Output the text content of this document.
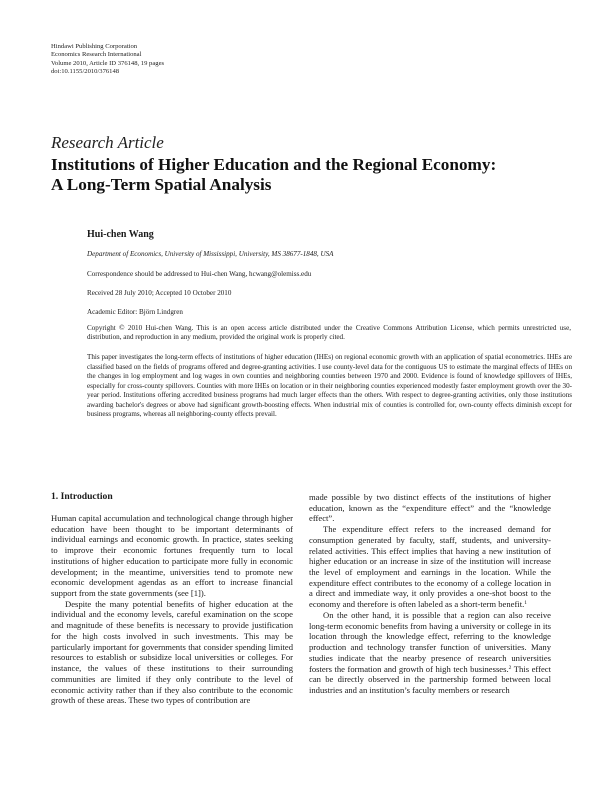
Hindawi Publishing Corporation
Economics Research International
Volume 2010, Article ID 376148, 19 pages
doi:10.1155/2010/376148
Research Article
Institutions of Higher Education and the Regional Economy:
A Long-Term Spatial Analysis
Hui-chen Wang
Department of Economics, University of Mississippi, University, MS 38677-1848, USA
Correspondence should be addressed to Hui-chen Wang, hcwang@olemiss.edu
Received 28 July 2010; Accepted 10 October 2010
Academic Editor: Björn Lindgren
Copyright © 2010 Hui-chen Wang. This is an open access article distributed under the Creative Commons Attribution License, which permits unrestricted use, distribution, and reproduction in any medium, provided the original work is properly cited.
This paper investigates the long-term effects of institutions of higher education (IHEs) on regional economic growth with an application of spatial econometrics. IHEs are classified based on the fields of programs offered and degree-granting activities. I use county-level data for the contiguous US to estimate the marginal effects of IHEs on the changes in log employment and log wages in own counties and neighboring counties between 1970 and 2000. Evidence is found of knowledge spillovers of IHEs, especially for cross-county spillovers. Counties with more IHEs on location or in their neighboring counties experienced modestly faster employment growth over the 30-year period. Institutions offering accredited business programs had much larger effects than the others. With respect to degree-granting activities, only those institutions awarding bachelor's degrees or above had significant growth-boosting effects. When industrial mix of counties is controlled for, own-county effects diminish except for business programs, whereas all neighboring-county effects prevail.
1. Introduction

Human capital accumulation and technological change through higher education have been thought to be important determinants of individual earnings and economic growth. In practice, states seeking to improve their economic fortunes frequently turn to local institutions of higher education to participate more fully in economic development; in the meantime, universities tend to promote new economic development agendas as an effort to increase financial support from the state governments (see [1]).

Despite the many potential benefits of higher education at the individual and the economy levels, careful examination on the scope and magnitude of these benefits is necessary to provide justification for the high costs involved in such investments. This may be particularly important for governments that consider spending limited resources to establish or subsidize local universities or colleges. For instance, the values of these institutions to their surrounding communities are limited if they only contribute to the level of economic activity rather than if they also contribute to the economic growth of these areas. These two types of contribution are

made possible by two distinct effects of the institutions of higher education, known as the “expenditure effect” and the “knowledge effect”.

The expenditure effect refers to the increased demand for consumption generated by faculty, staff, students, and university-related activities. This effect implies that having a new institution of higher education or an increase in size of the institution will increase the level of employment and earnings in the location. While the expenditure effect contributes to the economy of a college location in a direct and immediate way, it only provides a one-shot boost to the economy and therefore is often labeled as a short-term benefit.$^1$

On the other hand, it is possible that a region can also receive long-term economic benefits from having a university or college in its location through the knowledge effect, referring to the knowledge production and technology transfer function of universities. Many studies indicate that the nearby presence of research universities fosters the formation and growth of high tech businesses.$^2$ This effect can be directly observed in the partnership formed between local industries and an institution’s faculty members or research
